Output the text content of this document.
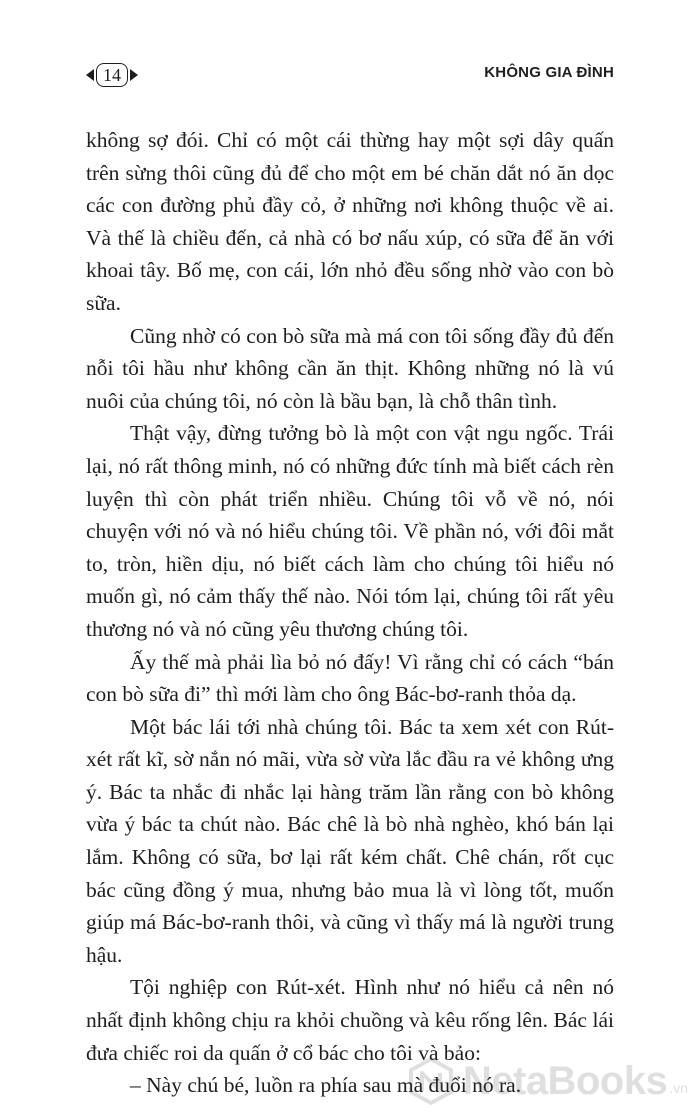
14	KHÔNG GIA ĐÌNH

không sợ đói. Chỉ có một cái thừng hay một sợi dây quấn trên sừng thôi cũng đủ để cho một em bé chăn dắt nó ăn dọc các con đường phủ đầy cỏ, ở những nơi không thuộc về ai. Và thế là chiều đến, cả nhà có bơ nấu xúp, có sữa để ăn với khoai tây. Bố mẹ, con cái, lớn nhỏ đều sống nhờ vào con bò sữa.

Cũng nhờ có con bò sữa mà má con tôi sống đầy đủ đến nỗi tôi hầu như không cần ăn thịt. Không những nó là vú nuôi của chúng tôi, nó còn là bầu bạn, là chỗ thân tình.

Thật vậy, đừng tưởng bò là một con vật ngu ngốc. Trái lại, nó rất thông minh, nó có những đức tính mà biết cách rèn luyện thì còn phát triển nhiều. Chúng tôi vỗ về nó, nói chuyện với nó và nó hiểu chúng tôi. Về phần nó, với đôi mắt to, tròn, hiền dịu, nó biết cách làm cho chúng tôi hiểu nó muốn gì, nó cảm thấy thế nào. Nói tóm lại, chúng tôi rất yêu thương nó và nó cũng yêu thương chúng tôi.

Ấy thế mà phải lìa bỏ nó đấy! Vì rằng chỉ có cách “bán con bò sữa đi” thì mới làm cho ông Bác-bơ-ranh thỏa dạ.

Một bác lái tới nhà chúng tôi. Bác ta xem xét con Rút-xét rất kĩ, sờ nắn nó mãi, vừa sờ vừa lắc đầu ra vẻ không ưng ý. Bác ta nhắc đi nhắc lại hàng trăm lần rằng con bò không vừa ý bác ta chút nào. Bác chê là bò nhà nghèo, khó bán lại lắm. Không có sữa, bơ lại rất kém chất. Chê chán, rốt cục bác cũng đồng ý mua, nhưng bảo mua là vì lòng tốt, muốn giúp má Bác-bơ-ranh thôi, và cũng vì thấy má là người trung hậu.

Tội nghiệp con Rút-xét. Hình như nó hiểu cả nên nó nhất định không chịu ra khỏi chuồng và kêu rống lên. Bác lái đưa chiếc roi da quấn ở cổ bác cho tôi và bảo:

– Này chú bé, luồn ra phía sau mà đuổi nó ra.

NetaBooks .vn
